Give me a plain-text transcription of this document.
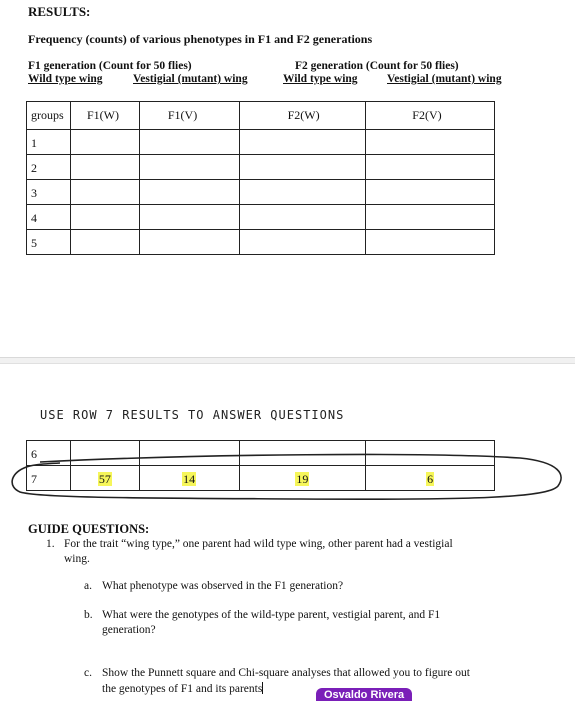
RESULTS:
Frequency (counts) of various phenotypes in F1 and F2 generations
F1 generation (Count for 50 flies)
Wild type wing	Vestigial (mutant) wing
F2 generation (Count for 50 flies)
Wild type wing	Vestigial (mutant) wing
groups	F1(W)	F1(V)	F2(W)	F2(V)
1				
2				
3				
4				
5				
USE ROW 7 RESULTS TO ANSWER QUESTIONS
6				
7	57	14	19	6
GUIDE QUESTIONS:
1. For the trait “wing type,” one parent had wild type wing, other parent had a vestigial
wing.
a. What phenotype was observed in the F1 generation?
b. What were the genotypes of the wild-type parent, vestigial parent, and F1
generation?
c. Show the Punnett square and Chi-square analyses that allowed you to figure out
the genotypes of F1 and its parents	Osvaldo Rivera
